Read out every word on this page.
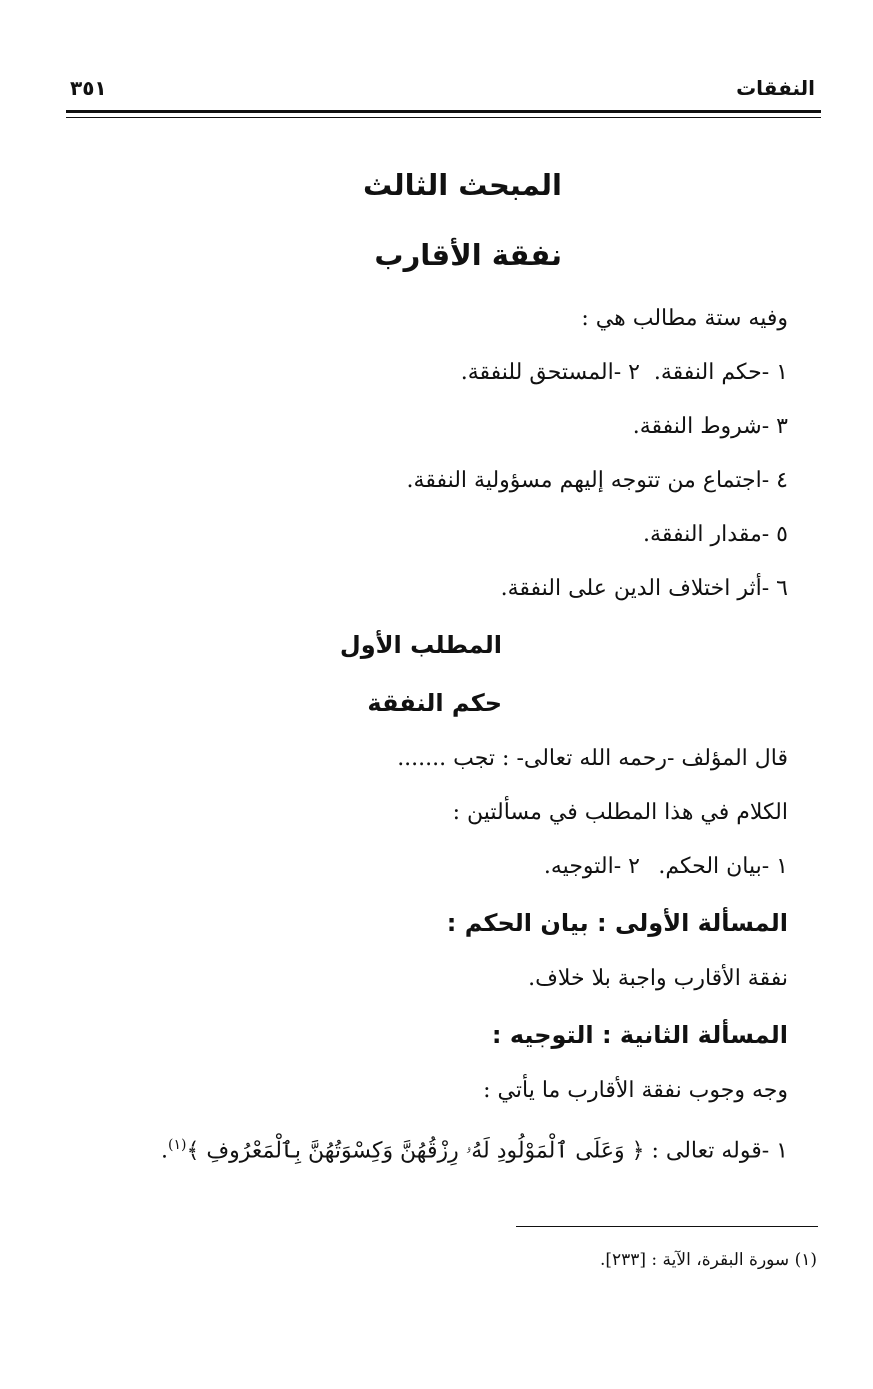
النفقات
٣٥١
المبحث الثالث
نفقة الأقارب
وفيه ستة مطالب هي :
١ -حكم النفقة.
٢ -المستحق للنفقة.
٣ -شروط النفقة.
٤ -اجتماع من تتوجه إليهم مسؤولية النفقة.
٥ -مقدار النفقة.
٦ -أثر اختلاف الدين على النفقة.
المطلب الأول
حكم النفقة
قال المؤلف -رحمه الله تعالى- : تجب .......
الكلام في هذا المطلب في مسألتين :
١ -بيان الحكم.
٢ -التوجيه.
المسألة الأولى : بيان الحكم :
نفقة الأقارب واجبة بلا خلاف.
المسألة الثانية : التوجيه :
وجه وجوب نفقة الأقارب ما يأتي :
١ -قوله تعالى : ﴿ وَعَلَى ٱلْمَوْلُودِ لَهُۥ رِزْقُهُنَّ وَكِسْوَتُهُنَّ بِٱلْمَعْرُوفِ ﴾$^{(١)}$.
(١) سورة البقرة، الآية : [٢٣٣].
